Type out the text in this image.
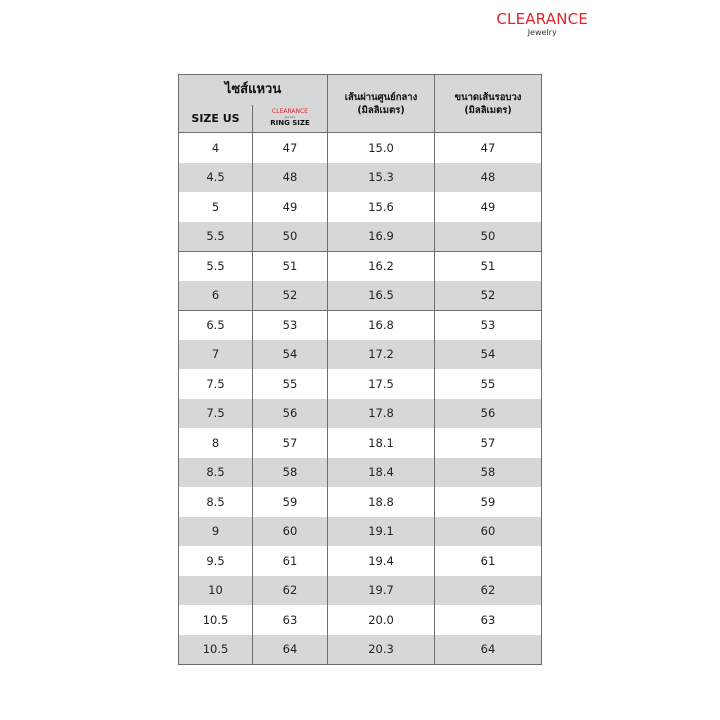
CLEARANCE
Jewelry
ไซส์แหวน
SIZE US
CLEARANCE
Jewelry
RING SIZE
เส้นผ่านศูนย์กลาง
(มิลลิเมตร)
ขนาดเส้นรอบวง
(มิลลิเมตร)
4	47	15.0	47
4.5	48	15.3	48
5	49	15.6	49
5.5	50	16.9	50
5.5	51	16.2	51
6	52	16.5	52
6.5	53	16.8	53
7	54	17.2	54
7.5	55	17.5	55
7.5	56	17.8	56
8	57	18.1	57
8.5	58	18.4	58
8.5	59	18.8	59
9	60	19.1	60
9.5	61	19.4	61
10	62	19.7	62
10.5	63	20.0	63
10.5	64	20.3	64
